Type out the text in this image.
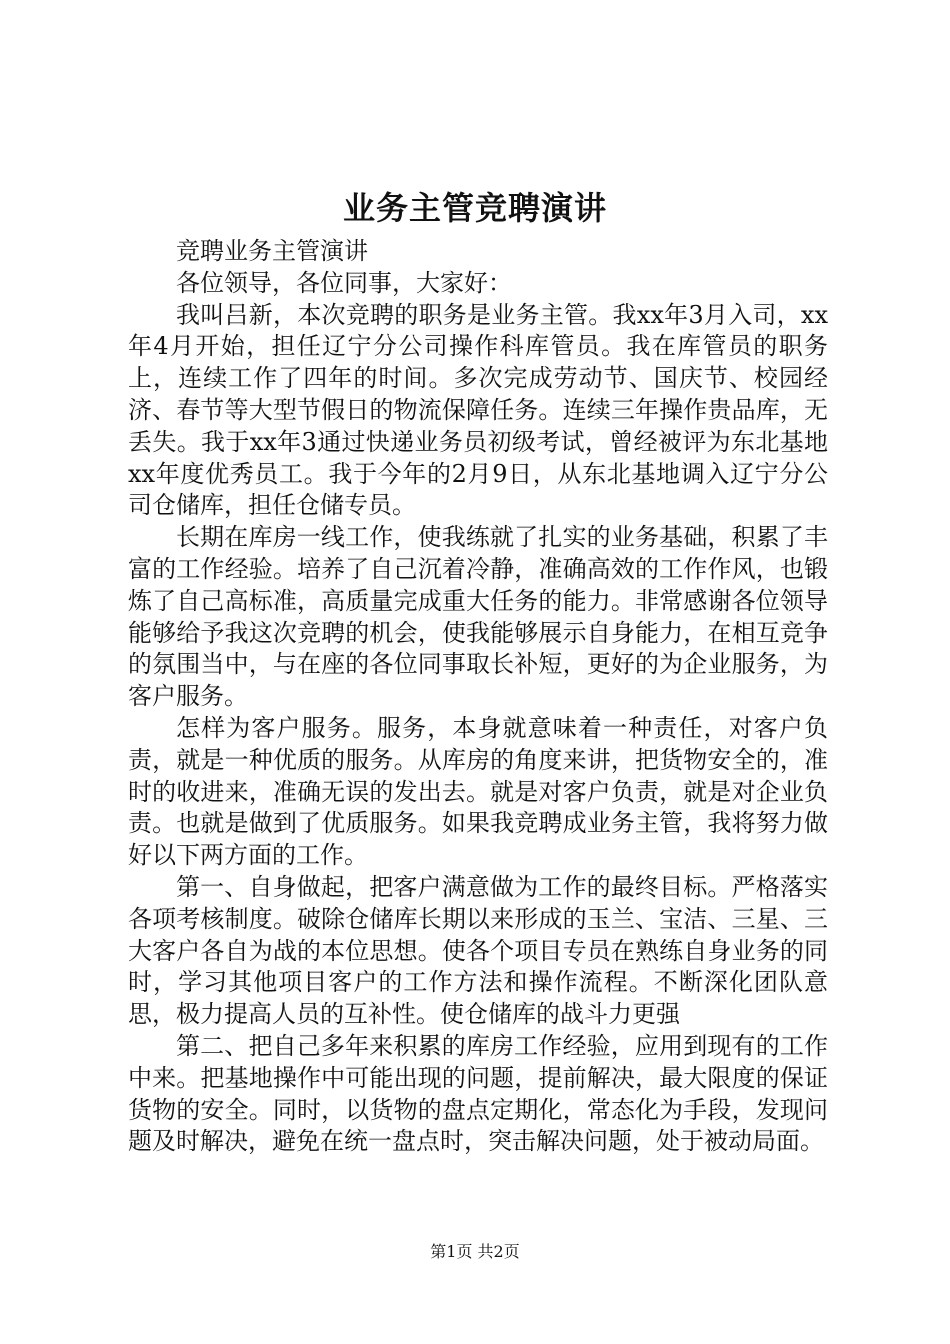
业务主管竞聘演讲

竞聘业务主管演讲

各位领导，各位同事，大家好：

我叫吕新，本次竞聘的职务是业务主管。我xx年3月入司，xx年4月开始，担任辽宁分公司操作科库管员。我在库管员的职务上，连续工作了四年的时间。多次完成劳动节、国庆节、校园经济、春节等大型节假日的物流保障任务。连续三年操作贵品库，无丢失。我于xx年3通过快递业务员初级考试，曾经被评为东北基地xx年度优秀员工。我于今年的2月9日，从东北基地调入辽宁分公司仓储库，担任仓储专员。

长期在库房一线工作，使我练就了扎实的业务基础，积累了丰富的工作经验。培养了自己沉着冷静，准确高效的工作作风，也锻炼了自己高标准，高质量完成重大任务的能力。非常感谢各位领导能够给予我这次竞聘的机会，使我能够展示自身能力，在相互竞争的氛围当中，与在座的各位同事取长补短，更好的为企业服务，为客户服务。

怎样为客户服务。服务，本身就意味着一种责任，对客户负责，就是一种优质的服务。从库房的角度来讲，把货物安全的，准时的收进来，准确无误的发出去。就是对客户负责，就是对企业负责。也就是做到了优质服务。如果我竞聘成业务主管，我将努力做好以下两方面的工作。

第一、自身做起，把客户满意做为工作的最终目标。严格落实各项考核制度。破除仓储库长期以来形成的玉兰、宝洁、三星、三大客户各自为战的本位思想。使各个项目专员在熟练自身业务的同时，学习其他项目客户的工作方法和操作流程。不断深化团队意思，极力提高人员的互补性。使仓储库的战斗力更强

第二、把自己多年来积累的库房工作经验，应用到现有的工作中来。把基地操作中可能出现的问题，提前解决，最大限度的保证货物的安全。同时，以货物的盘点定期化，常态化为手段，发现问题及时解决，避免在统一盘点时，突击解决问题，处于被动局面。

第1页 共2页
